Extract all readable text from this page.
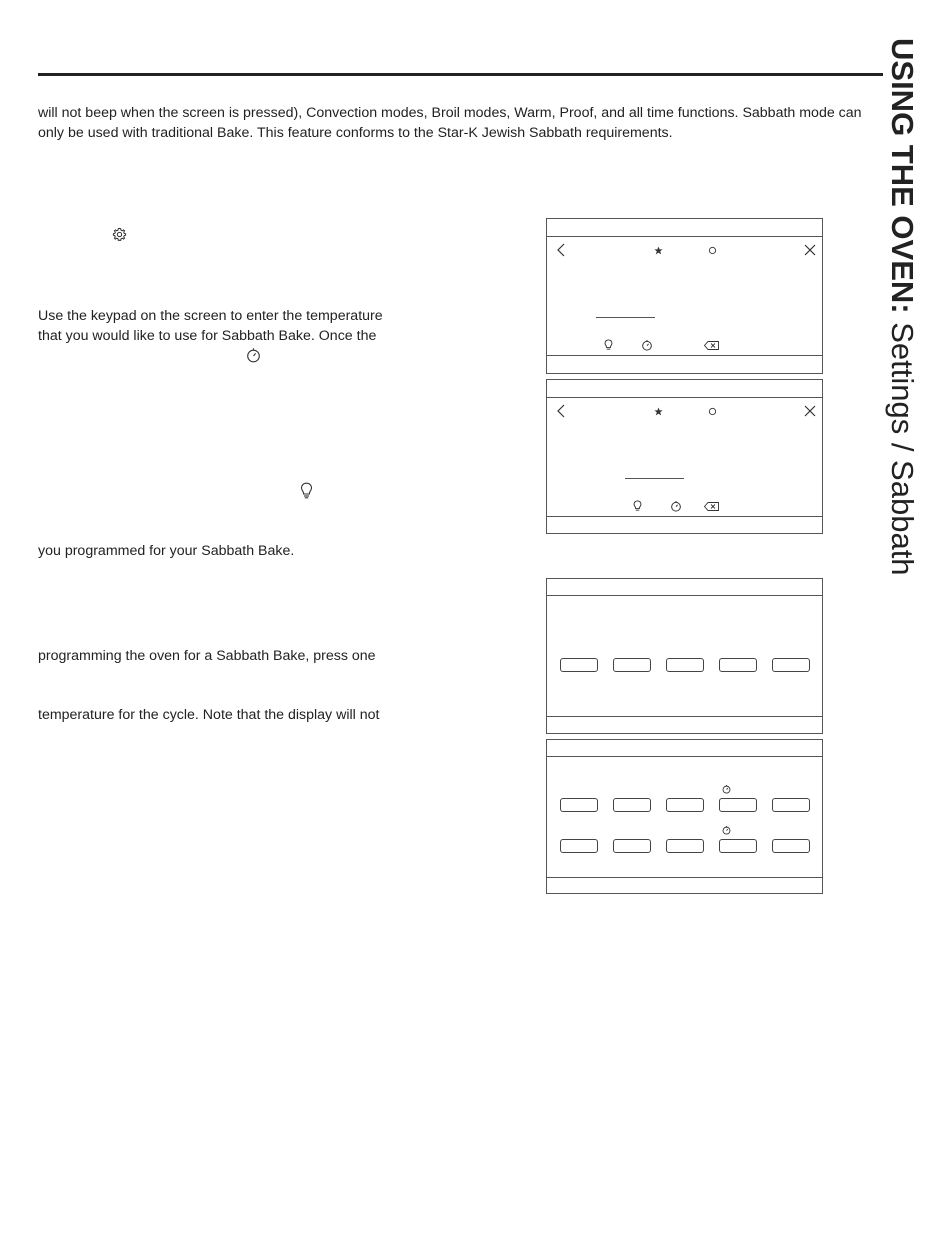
will not beep when the screen is pressed), Convection modes, Broil modes, Warm, Proof, and all time functions. Sabbath mode can only be used with traditional Bake. This feature conforms to the Star-K Jewish Sabbath requirements.

Use the keypad on the screen to enter the temperature

that you would like to use for Sabbath Bake. Once the

you programmed for your Sabbath Bake.

programming the oven for a Sabbath Bake, press one

temperature for the cycle. Note that the display will not

USING THE OVEN: Settings / Sabbath
